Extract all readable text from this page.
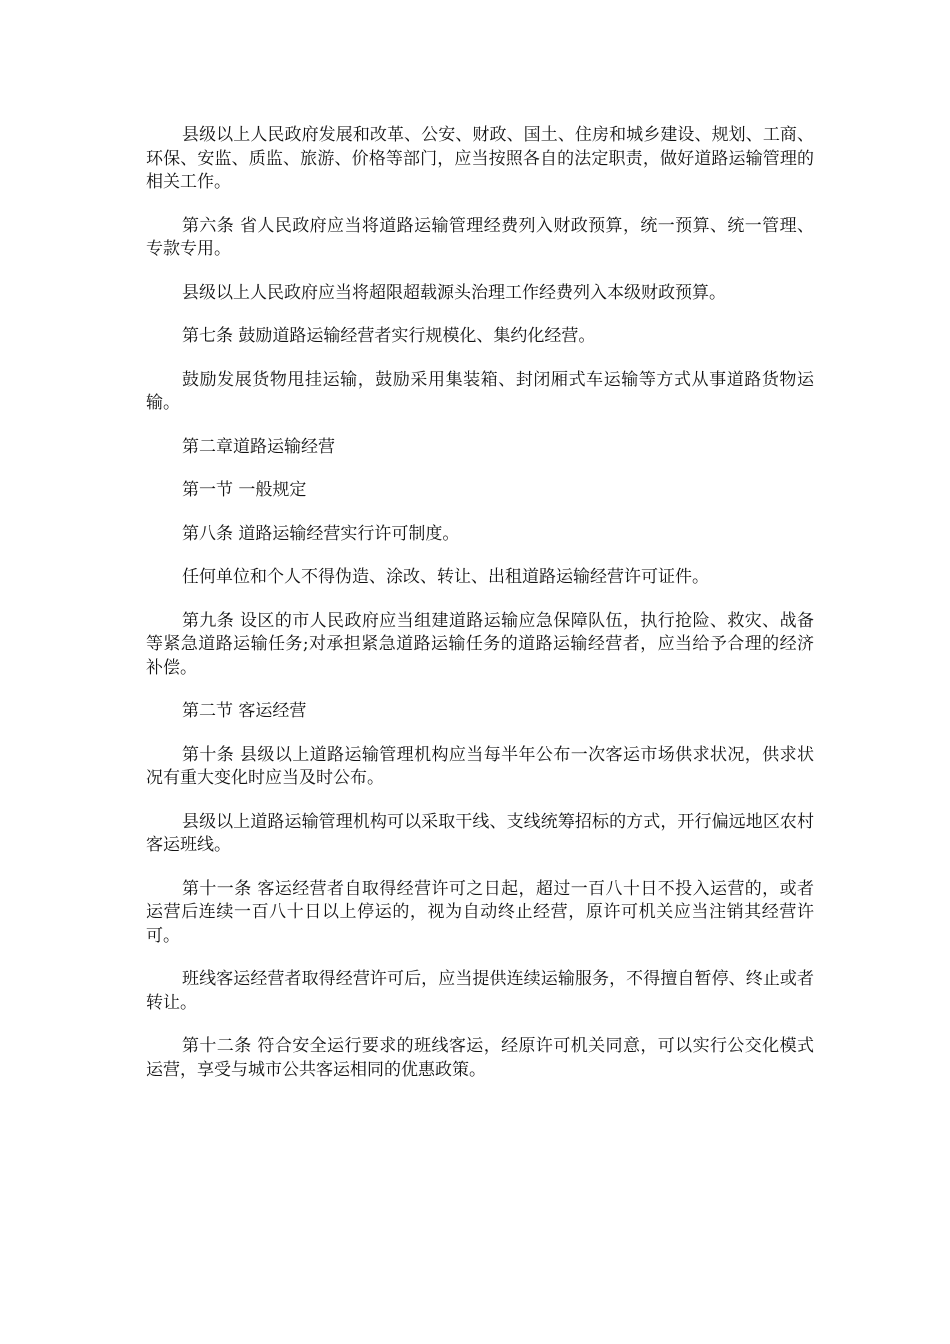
县级以上人民政府发展和改革、公安、财政、国土、住房和城乡建设、规划、工商、环保、安监、质监、旅游、价格等部门，应当按照各自的法定职责，做好道路运输管理的相关工作。

第六条 省人民政府应当将道路运输管理经费列入财政预算，统一预算、统一管理、专款专用。

县级以上人民政府应当将超限超载源头治理工作经费列入本级财政预算。

第七条 鼓励道路运输经营者实行规模化、集约化经营。

鼓励发展货物甩挂运输，鼓励采用集装箱、封闭厢式车运输等方式从事道路货物运输。

第二章道路运输经营

第一节 一般规定

第八条 道路运输经营实行许可制度。

任何单位和个人不得伪造、涂改、转让、出租道路运输经营许可证件。

第九条 设区的市人民政府应当组建道路运输应急保障队伍，执行抢险、救灾、战备等紧急道路运输任务;对承担紧急道路运输任务的道路运输经营者，应当给予合理的经济补偿。

第二节 客运经营

第十条 县级以上道路运输管理机构应当每半年公布一次客运市场供求状况，供求状况有重大变化时应当及时公布。

县级以上道路运输管理机构可以采取干线、支线统筹招标的方式，开行偏远地区农村客运班线。

第十一条 客运经营者自取得经营许可之日起，超过一百八十日不投入运营的，或者运营后连续一百八十日以上停运的，视为自动终止经营，原许可机关应当注销其经营许可。

班线客运经营者取得经营许可后，应当提供连续运输服务，不得擅自暂停、终止或者转让。

第十二条 符合安全运行要求的班线客运，经原许可机关同意，可以实行公交化模式运营，享受与城市公共客运相同的优惠政策。
